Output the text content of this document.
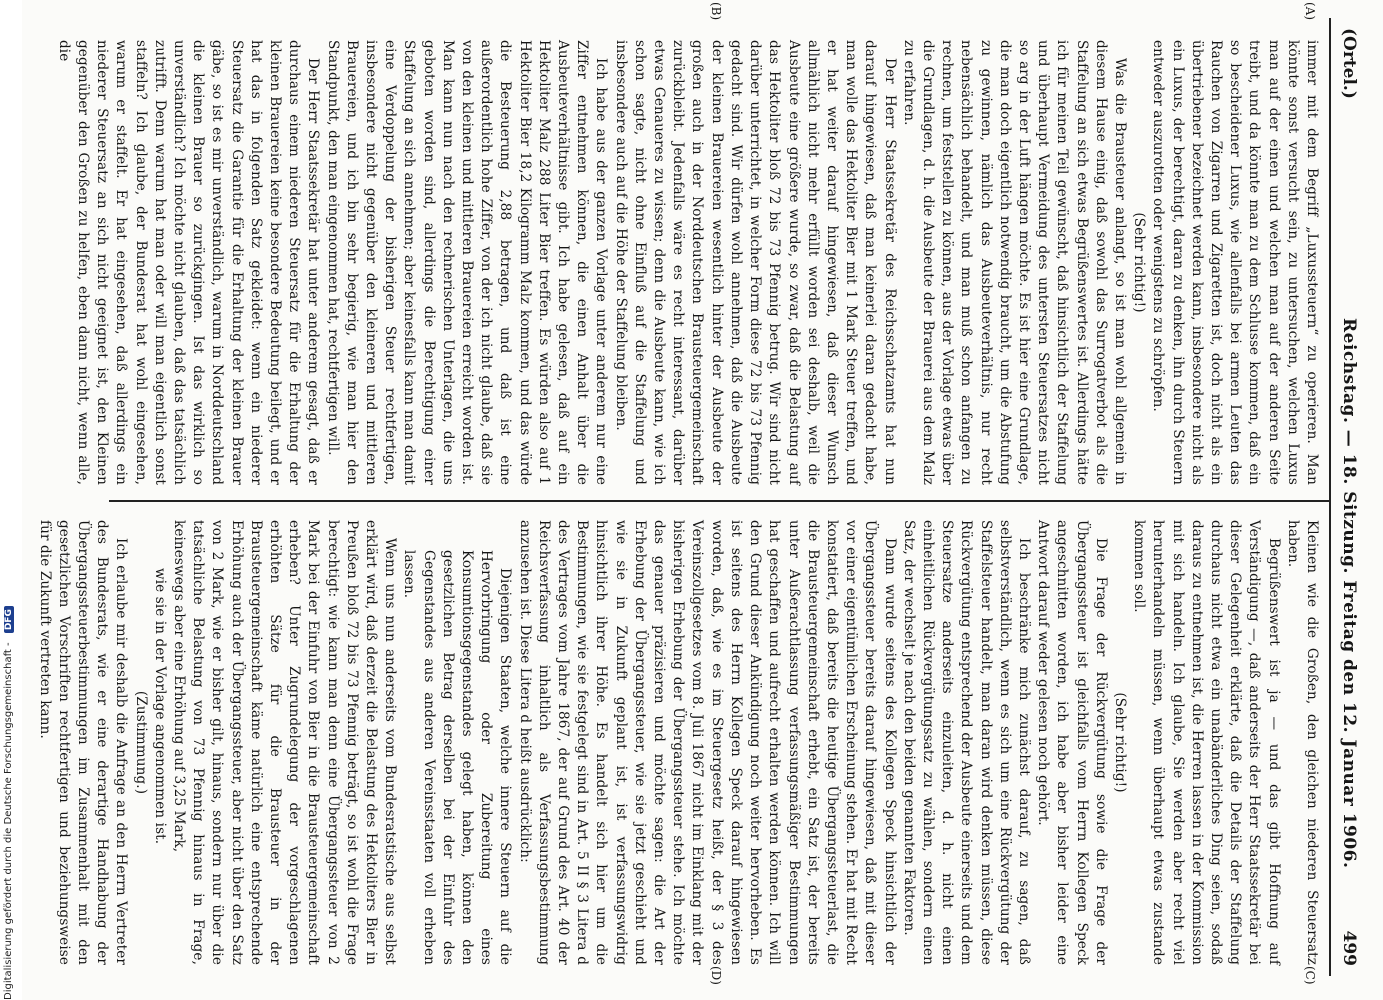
(Ortel.)
Reichstag. — 18. Sitzung. Freitag den 12. Januar 1906.
499
(A)
(B)
(C)
(D)

immer mit dem Begriff „Luxussteuern“ zu operieren. Man könnte sonst versucht sein, zu untersuchen, welchen Luxus man auf der einen und welchen man auf der anderen Seite treibt, und da könnte man zu dem Schlusse kommen, daß ein so bescheidener Luxus, wie allenfalls bei armen Leuten das Rauchen von Zigarren und Zigaretten ist, doch nicht als ein übertriebener bezeichnet werden kann, insbesondere nicht als ein Luxus, der berechtigt, daran zu denken, ihn durch Steuern entweder auszurotten oder wenigstens zu schröpfen.

(Sehr richtig!)

Was die Brausteuer anlangt, so ist man wohl allgemein in diesem Hause einig, daß sowohl das Surrogatverbot als die Staffelung an sich etwas Begrüßenswertes ist. Allerdings hätte ich für meinen Teil gewünscht, daß hinsichtlich der Staffelung und überhaupt Vermeidung des untersten Steuersatzes nicht so arg in der Luft hängen möchte. Es ist hier eine Grundlage, die man doch eigentlich notwendig braucht, um die Abstufung zu gewinnen, nämlich das Ausbeuteverhältnis, nur recht nebensächlich behandelt, und man muß schon anfangen zu rechnen, um feststellen zu können, aus der Vorlage etwas über die Grundlagen, d. h. die Ausbeute der Brauerei aus dem Malz zu erfahren.

Der Herr Staatssekretär des Reichsschatzamts hat nun darauf hingewiesen, daß man keinerlei daran gedacht habe, man wolle das Hektoliter Bier mit 1 Mark Steuer treffen, und er hat weiter darauf hingewiesen, daß dieser Wunsch allmählich nicht mehr erfüllt worden sei deshalb, weil die Ausbeute eine größere wurde, so zwar, daß die Belastung auf das Hektoliter bloß 72 bis 73 Pfennig betrug. Wir sind nicht darüber unterrichtet, in welcher Form diese 72 bis 73 Pfennig gedacht sind. Wir dürfen wohl annehmen, daß die Ausbeute der kleinen Brauereien wesentlich hinter der Ausbeute der großen auch in der Norddeutschen Brausteuergemeinschaft zurückbleibt. Jedenfalls wäre es recht interessant, darüber etwas Genaueres zu wissen; denn die Ausbeute kann, wie ich schon sagte, nicht ohne Einfluß auf die Staffelung und insbesondere auch auf die Höhe der Staffelung bleiben.

Ich habe aus der ganzen Vorlage unter anderem nur eine Ziffer entnehmen können, die einen Anhalt über die Ausbeuteverhältnisse gibt. Ich habe gelesen, daß auf ein Hektoliter Malz 288 Liter Bier treffen. Es würden also auf 1 Hektoliter Bier 18,2 Kilogramm Malz kommen, und das würde die Besteuerung 2,88 betragen, und daß ist eine außerordentlich hohe Ziffer, von der ich nicht glaube, daß sie von den kleinen und mittleren Brauereien erreicht worden ist. Man kann nun nach den rechnerischen Unterlagen, die uns geboten worden sind, allerdings die Berechtigung einer Staffelung an sich annehmen; aber keinesfalls kann man damit eine Verdoppelung der bisherigen Steuer rechtfertigen, insbesondere nicht gegenüber den kleineren und mittleren Brauereien, und ich bin sehr begierig, wie man hier den Standpunkt, den man eingenommen hat, rechtfertigen will.

Der Herr Staatssekretär hat unter anderem gesagt, daß er durchaus einem niederen Steuersatz für die Erhaltung der kleinen Brauereien keine besondere Bedeutung beilegt, und er hat das in folgenden Satz gekleidet: wenn ein niederer Steuersatz die Garantie für die Erhaltung der kleinen Brauer gäbe, so ist es mir unverständlich, warum in Norddeutschland die kleinen Brauer so zurückgingen. Ist das wirklich so unverständlich? Ich möchte nicht glauben, daß das tatsächlich zutrifft. Denn warum hat man oder will man eigentlich sonst staffeln? Ich glaube, der Bundesrat hat wohl eingesehen, warum er staffelt. Er hat eingesehen, daß allerdings ein niederer Steuersatz an sich nicht geeignet ist, den Kleinen gegenüber den Großen zu helfen, eben dann nicht, wenn alle, die

Kleinen wie die Großen, den gleichen niederen Steuersatz haben.

Begrüßenswert ist ja — und das gibt Hoffnung auf Verständigung —, daß anderseits der Herr Staatssekretär bei dieser Gelegenheit erklärte, daß die Details der Staffelung durchaus nicht etwa ein unabänderliches Ding seien, sodaß daraus zu entnehmen ist, die Herren lassen in der Kommission mit sich handeln. Ich glaube, Sie werden aber recht viel herunterhandeln müssen, wenn überhaupt etwas zustande kommen soll.

(Sehr richtig!)

Die Frage der Rückvergütung sowie die Frage der Übergangssteuer ist gleichfalls vom Herrn Kollegen Speck angeschnitten worden, ich habe aber bisher leider eine Antwort darauf weder gelesen noch gehört.

Ich beschränke mich zunächst darauf, zu sagen, daß selbstverständlich, wenn es sich um eine Rückvergütung der Staffelsteuer handelt, man daran wird denken müssen, diese Rückvergütung entsprechend der Ausbeute einerseits und dem Steuersatze anderseits einzuleiten, d. h. nicht einen einheitlichen Rückvergütungssatz zu wählen, sondern einen Satz, der wechselt je nach den beiden genannten Faktoren.

Dann wurde seitens des Kollegen Speck hinsichtlich der Übergangssteuer bereits darauf hingewiesen, daß mit dieser vor einer eigentümlichen Erscheinung stehen. Er hat mit Recht konstatiert, daß bereits die heutige Übergangssteuerlast, die die Brausteuergemeinschaft erhebt, ein Satz ist, der bereits unter Außerachtlassung verfassungsmäßiger Bestimmungen hat geschaffen und aufrecht erhalten werden können. Ich will den Grund dieser Ankündigung noch weiter hervorheben. Es ist seitens des Herrn Kollegen Speck darauf hingewiesen worden, daß, wie es im Steuergesetz heißt, der § 3 des Vereinszollgesetzes vom 8. Juli 1867 nicht im Einklang mit der bisherigen Erhebung der Übergangssteuer stehe. Ich möchte das genauer präzisieren und möchte sagen: die Art der Erhebung der Übergangssteuer, wie sie jetzt geschieht und wie sie in Zukunft geplant ist, ist verfassungswidrig hinsichtlich ihrer Höhe. Es handelt sich hier um die Bestimmungen, wie sie festgelegt sind in Art. 5 II § 3 Litera d des Vertrages vom Jahre 1867, der auf Grund des Art. 40 der Reichsverfassung inhaltlich als Verfassungsbestimmung anzusehen ist. Diese Litera d heißt ausdrücklich:

Diejenigen Staaten, welche innere Steuern auf die Hervorbringung oder Zubereitung eines Konsumtionsgegenstandes gelegt haben, können den gesetzlichen Betrag derselben bei der Einfuhr des Gegenstandes aus anderen Vereinsstaaten voll erheben lassen.

Wenn uns nun anderseits vom Bundesratstische aus selbst erklärt wird, daß derzeit die Belastung des Hektoliters Bier in Preußen bloß 72 bis 73 Pfennig beträgt, so ist wohl die Frage berechtigt: wie kann man denn eine Übergangssteuer von 2 Mark bei der Einfuhr von Bier in die Brausteuergemeinschaft erheben? Unter Zugrundelegung der vorgeschlagenen erhöhten Sätze für die Brausteuer in der Brausteuergemeinschaft käme natürlich eine entsprechende Erhöhung auch der Übergangssteuer, aber nicht über den Satz von 2 Mark, wie er bisher gilt, hinaus, sondern nur über die tatsächliche Belastung von 73 Pfennig hinaus in Frage, keineswegs aber eine Erhöhung auf 3,25 Mark,

wie sie in der Vorlage angenommen ist.

(Zustimmung.)

Ich erlaube mir deshalb die Anfrage an den Herrn Vertreter des Bundesrats, wie er eine derartige Handhabung der Übergangssteuerbestimmungen im Zusammenhalt mit den gesetzlichen Vorschriften rechtfertigen und beziehungsweise für die Zukunft vertreten kann.

Digitalisierung gefördert durch die Deutsche Forschungsgemeinschaft - DFG
